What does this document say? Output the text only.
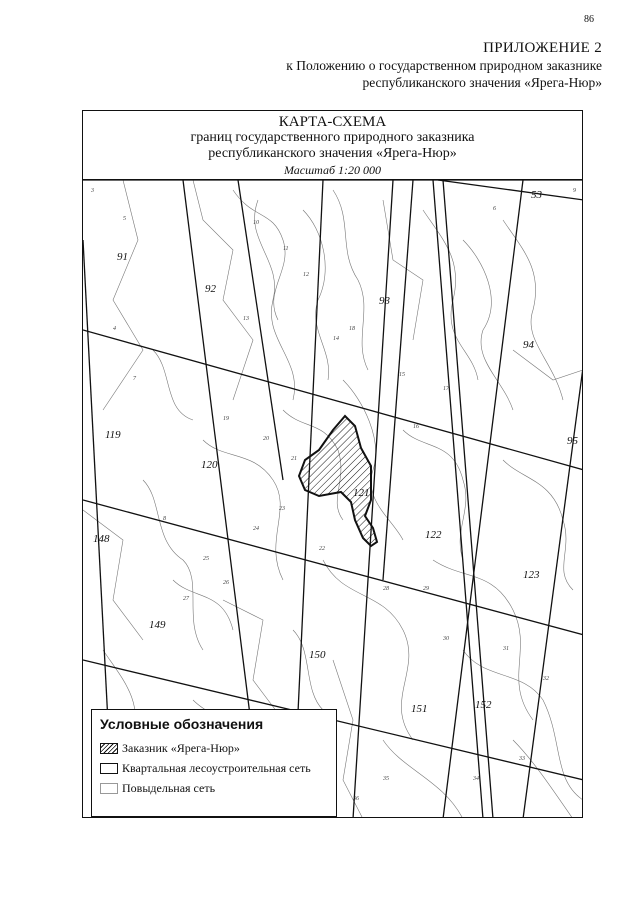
86
ПРИЛОЖЕНИЕ 2
к Положению о государственном природном заказнике
республиканского значения «Ярега-Нюр»
КАРТА-СХЕМА
границ государственного природного заказника
республиканского значения «Ярега-Нюр»
Масштаб 1:20 000
53
91
92
93
94
95
119
120
121
122
123
148
149
150
151	152
3
5
6
9
10
11
12
13
14
15
16
17
18
19
20
21
22
23
24
25
26
27
28	29
30
31
32
33
34
35
36
4
7
8
Условные обозначения
Заказник «Ярега-Нюр»
Квартальная лесоустроительная сеть
Повыдельная сеть
